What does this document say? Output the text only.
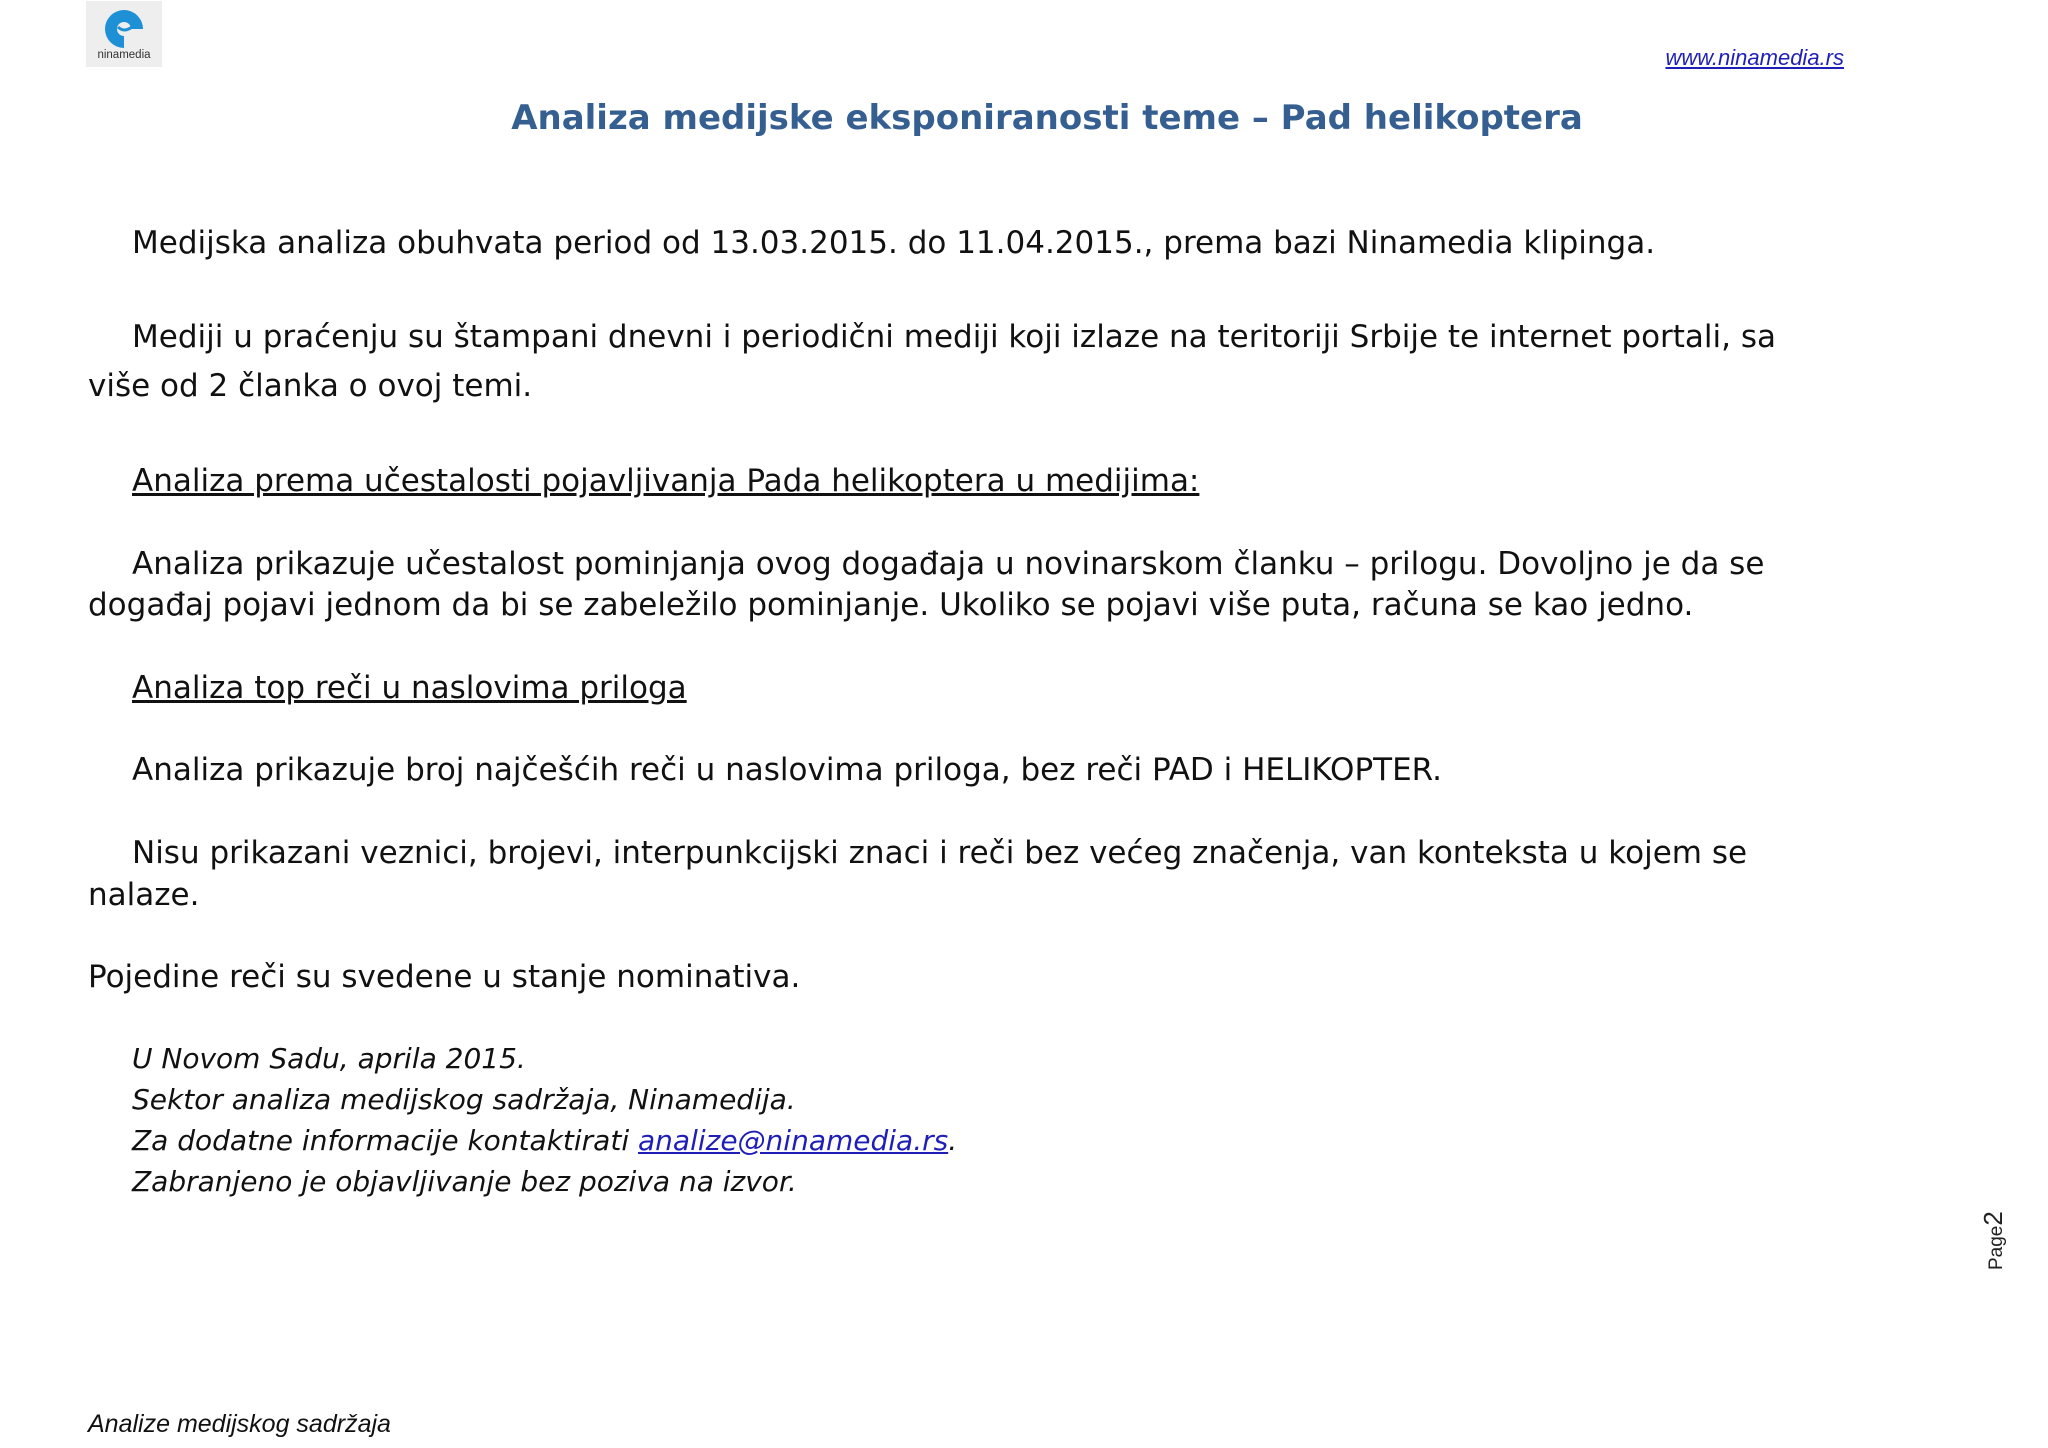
ninamedia	www.ninamedia.rs
Analiza medijske eksponiranosti teme – Pad helikoptera

Medijska analiza obuhvata period od 13.03.2015. do 11.04.2015., prema bazi Ninamedia klipinga.

Mediji u praćenju su štampani dnevni i periodični mediji koji izlaze na teritoriji Srbije te internet portali, sa

više od 2 članka o ovoj temi.

Analiza prema učestalosti pojavljivanja Pada helikoptera u medijima:

Analiza prikazuje učestalost pominjanja ovog događaja u novinarskom članku – prilogu. Dovoljno je da se

događaj pojavi jednom da bi se zabeležilo pominjanje. Ukoliko se pojavi više puta, računa se kao jedno.

Analiza top reči u naslovima priloga

Analiza prikazuje broj najčešćih reči u naslovima priloga, bez reči PAD i HELIKOPTER.

Nisu prikazani veznici, brojevi, interpunkcijski znaci i reči bez većeg značenja, van konteksta u kojem se

nalaze.

Pojedine reči su svedene u stanje nominativa.

U Novom Sadu, aprila 2015.
Sektor analiza medijskog sadržaja, Ninamedija.
Za dodatne informacije kontaktirati analize@ninamedia.rs.
Zabranjeno je objavljivanje bez poziva na izvor.
Page2
Analize medijskog sadržaja
